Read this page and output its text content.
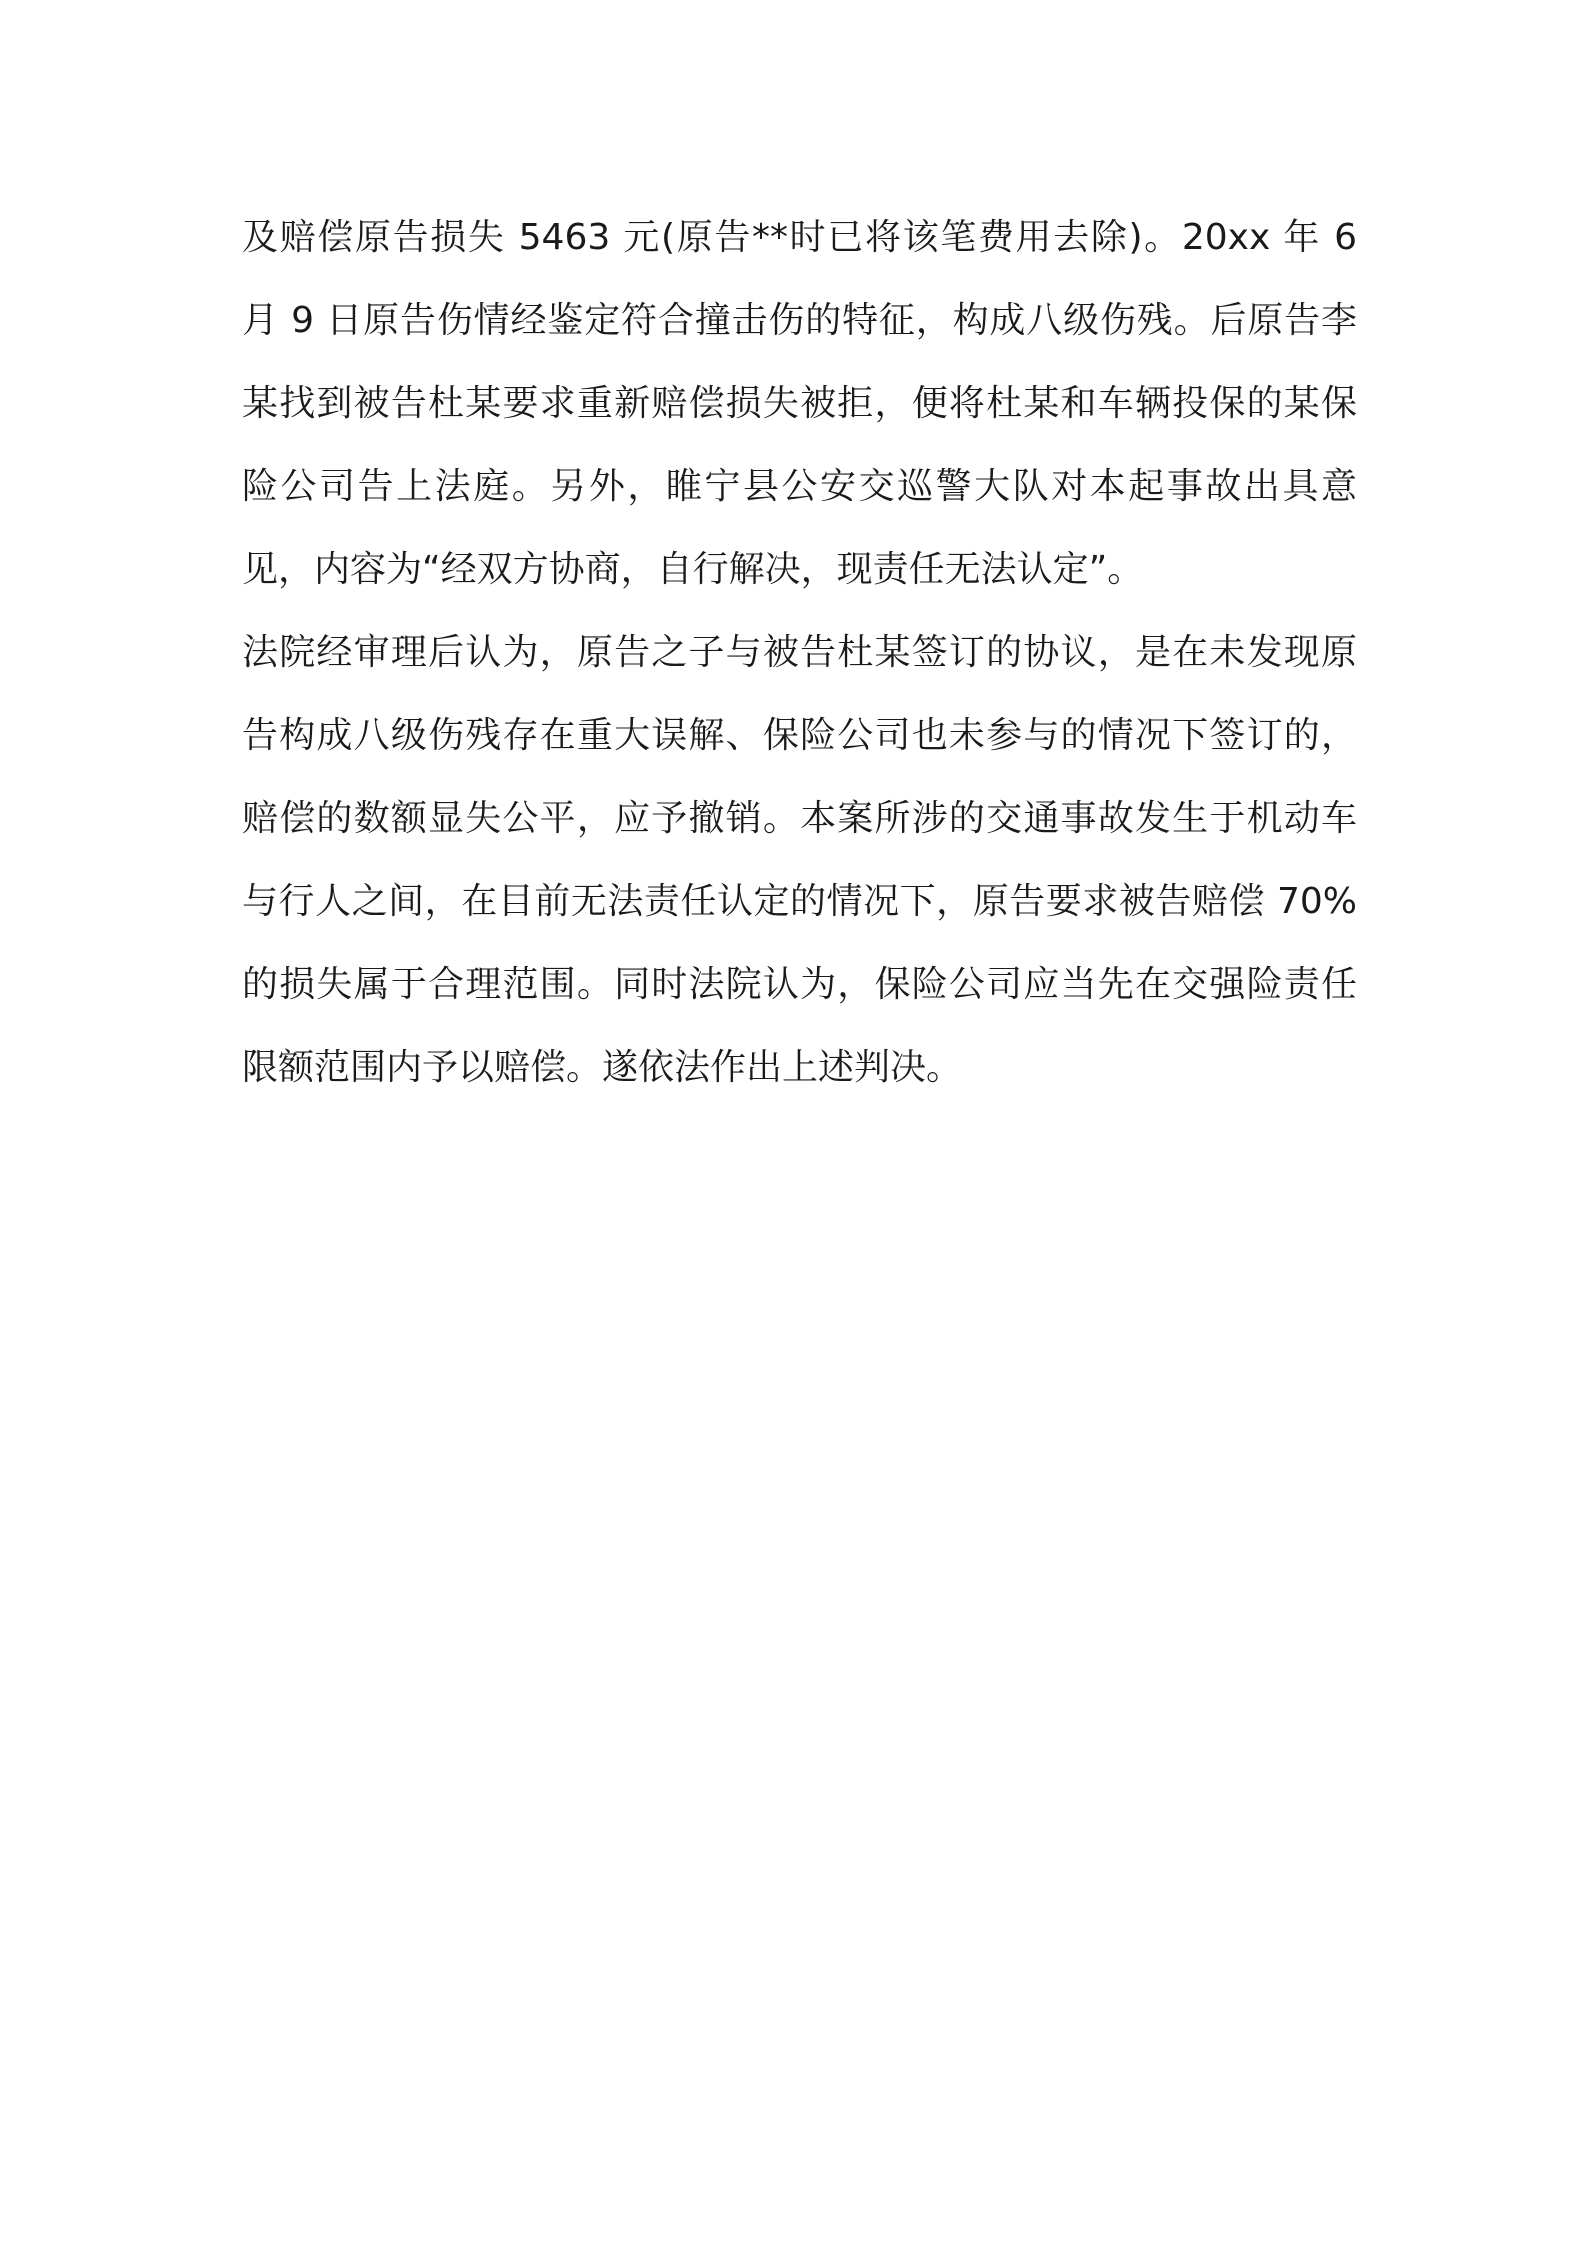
及赔偿原告损失 5463 元(原告**时已将该笔费用去除)。20xx 年 6 月 9 日原告伤情经鉴定符合撞击伤的特征，构成八级伤残。后原告李某找到被告杜某要求重新赔偿损失被拒，便将杜某和车辆投保的某保险公司告上法庭。另外，睢宁县公安交巡警大队对本起事故出具意见，内容为“经双方协商，自行解决，现责任无法认定”。

法院经审理后认为，原告之子与被告杜某签订的协议，是在未发现原告构成八级伤残存在重大误解、保险公司也未参与的情况下签订的，赔偿的数额显失公平，应予撤销。本案所涉的交通事故发生于机动车与行人之间，在目前无法责任认定的情况下，原告要求被告赔偿 70%的损失属于合理范围。同时法院认为，保险公司应当先在交强险责任限额范围内予以赔偿。遂依法作出上述判决。
